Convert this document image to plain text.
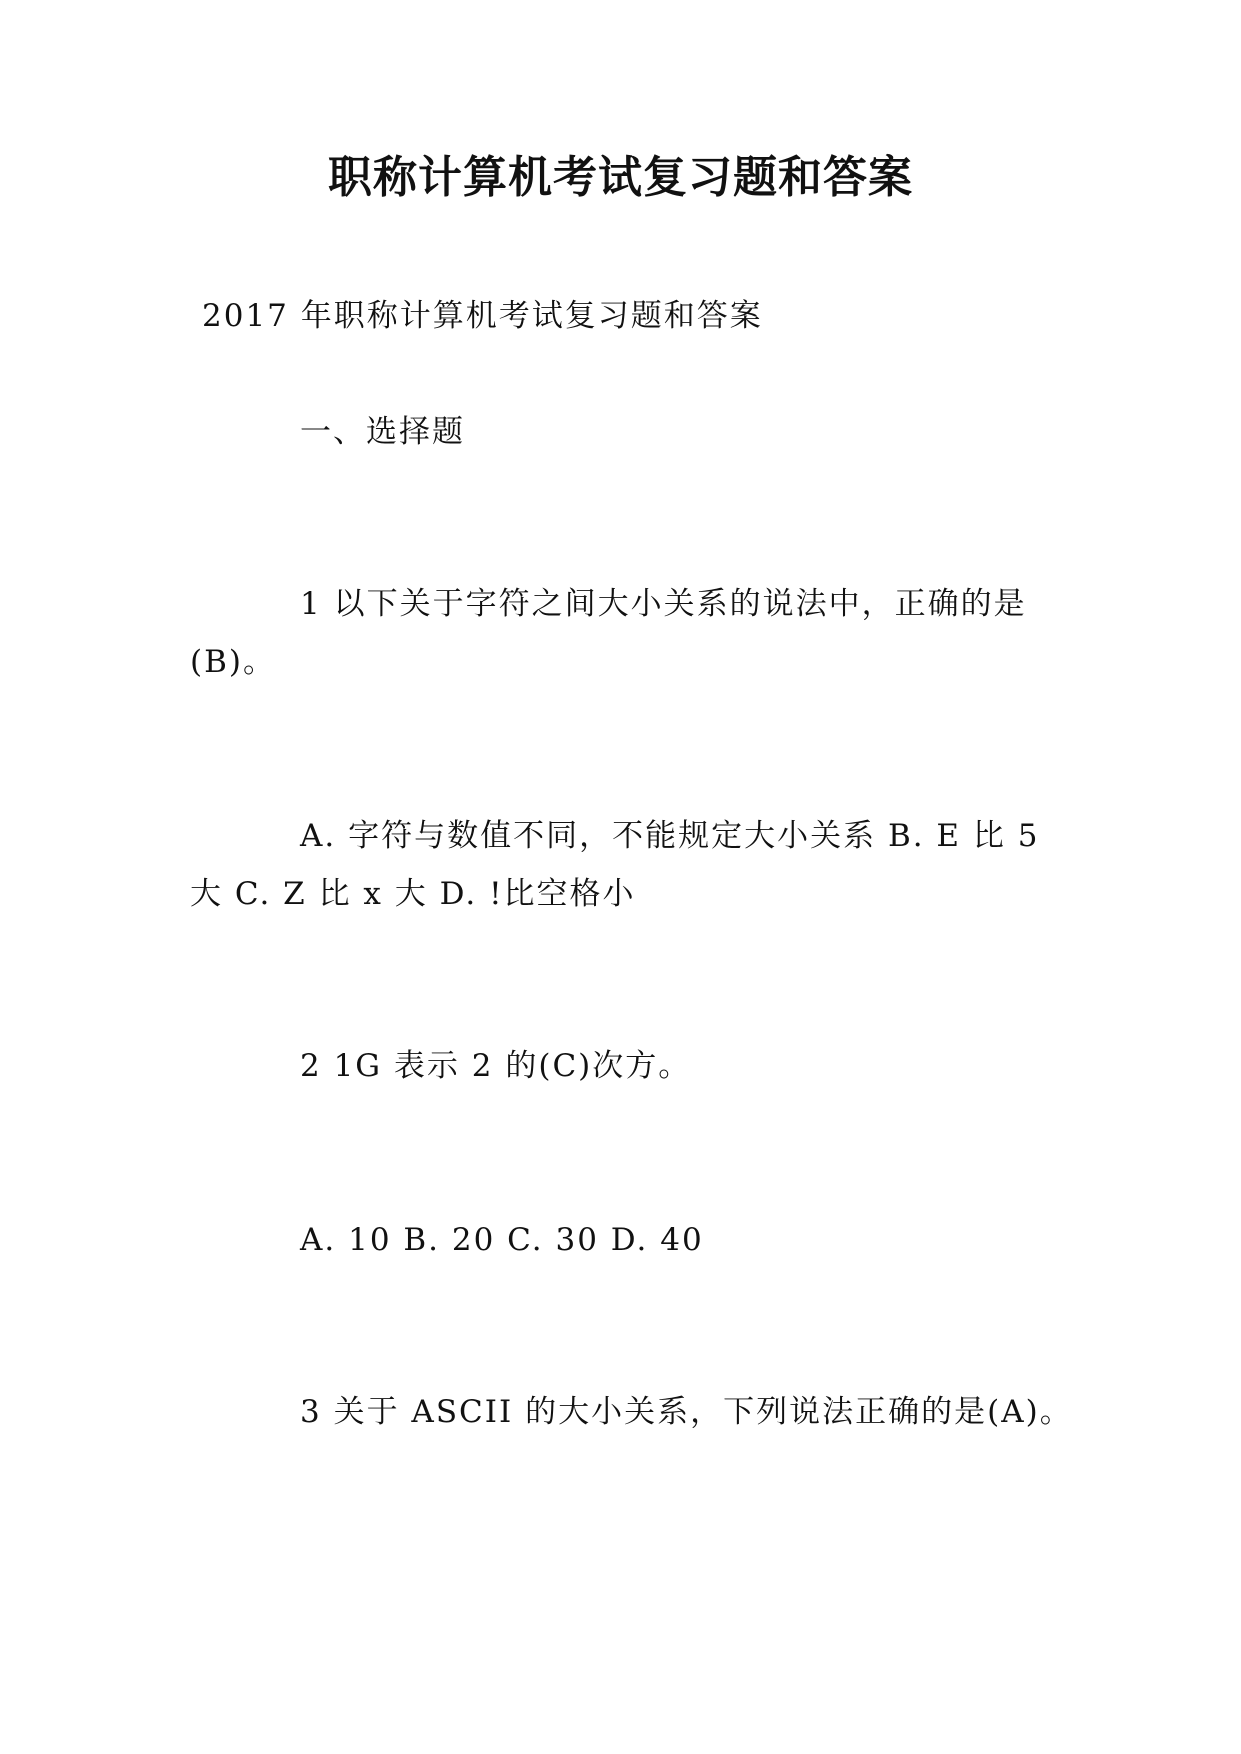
职称计算机考试复习题和答案
2017 年职称计算机考试复习题和答案
一、选择题
1 以下关于字符之间大小关系的说法中，正确的是
(B)。
A. 字符与数值不同，不能规定大小关系 B. E 比 5
大 C. Z 比 x 大 D. !比空格小
2 1G 表示 2 的(C)次方。
A. 10 B. 20 C. 30 D. 40
3 关于 ASCII 的大小关系，下列说法正确的是(A)。
